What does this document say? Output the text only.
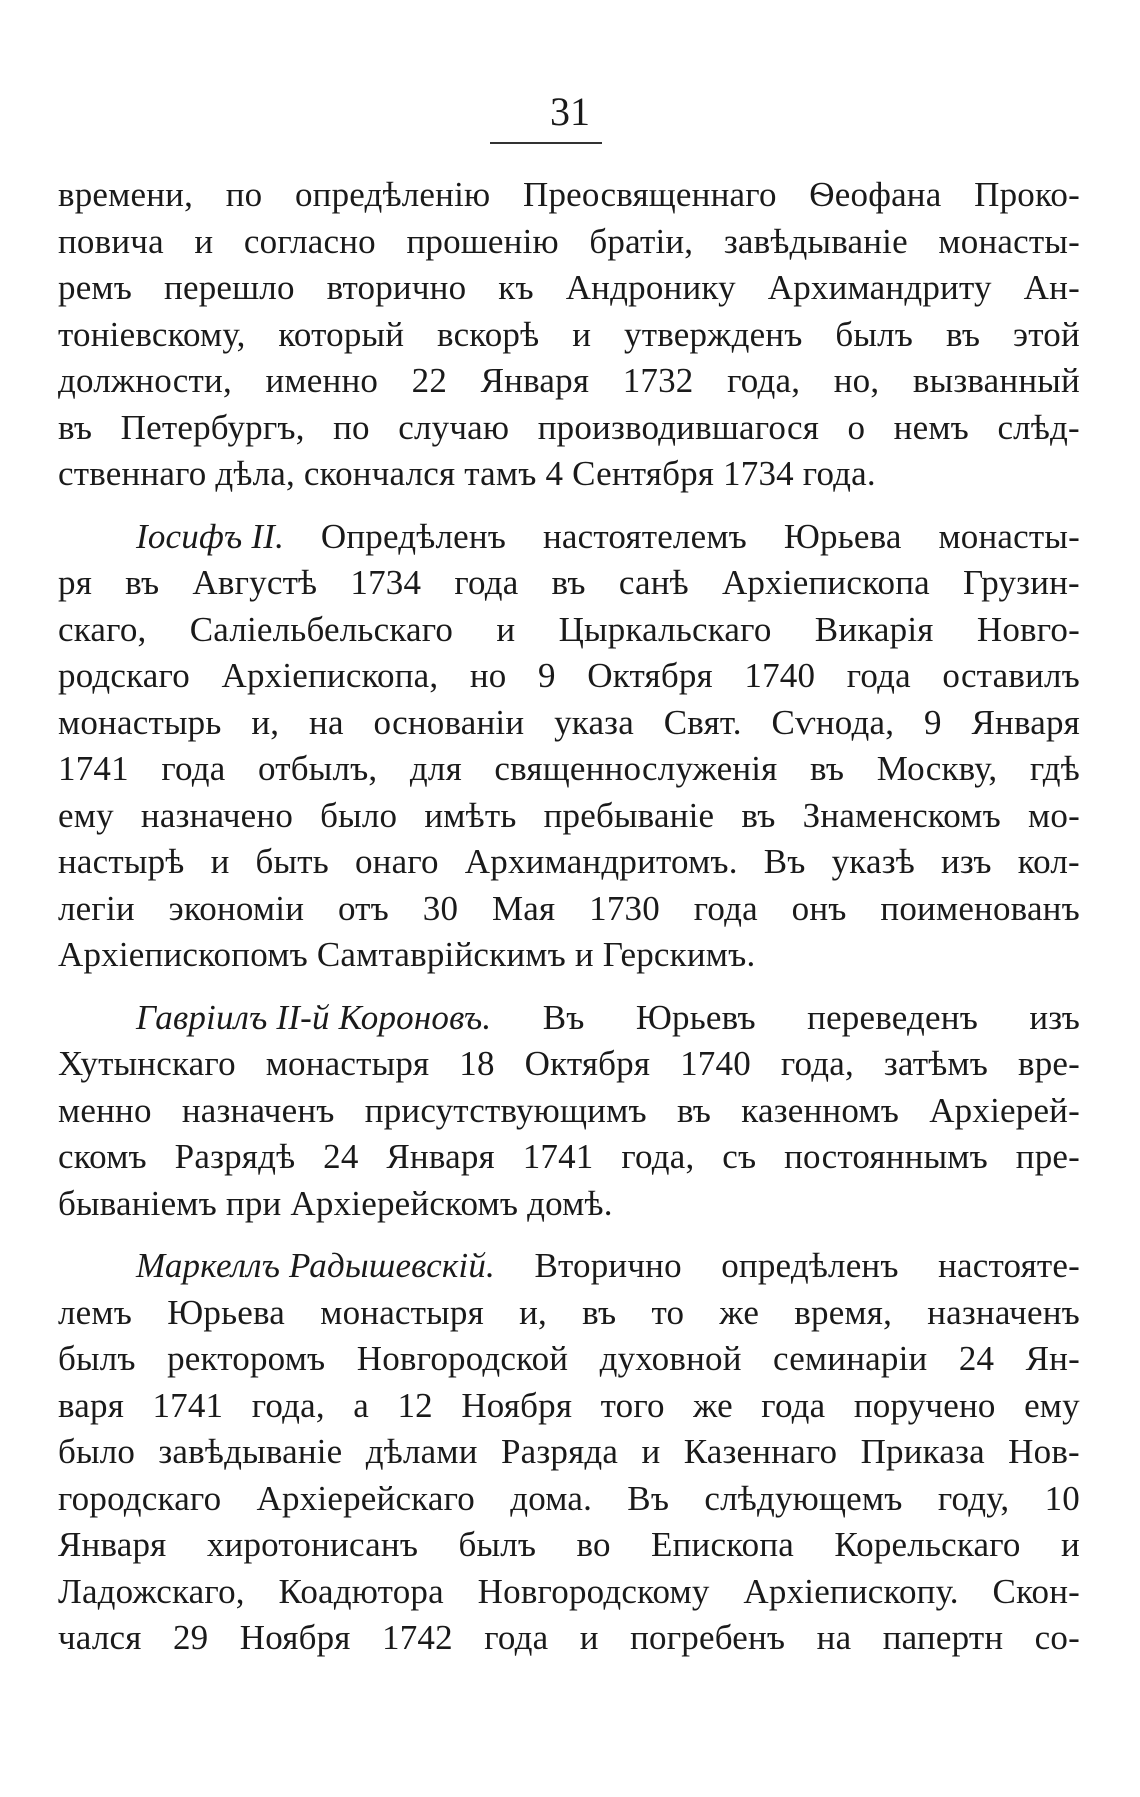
31
времени, по опредѣленію Преосвященнаго Ѳеофана Проко-
повича и согласно прошенію братіи, завѣдываніе монасты-
ремъ перешло вторично къ Андронику Архимандриту Ан-
тоніевскому, который вскорѣ и утвержденъ былъ въ этой
должности, именно 22 Января 1732 года, но, вызванный
въ Петербургъ, по случаю производившагося о немъ слѣд-
ственнаго дѣла, скончался тамъ 4 Сентября 1734 года.
Іосифъ II. Опредѣленъ настоятелемъ Юрьева монасты-
ря въ Августѣ 1734 года въ санѣ Архіепископа Грузин-
скаго, Саліельбельскаго и Цыркальскаго Викарія Новго-
родскаго Архіепископа, но 9 Октября 1740 года оставилъ
монастырь и, на основаніи указа Свят. Сѵнода, 9 Января
1741 года отбылъ, для священнослуженія въ Москву, гдѣ
ему назначено было имѣть пребываніе въ Знаменскомъ мо-
настырѣ и быть онаго Архимандритомъ. Въ указѣ изъ кол-
легіи экономіи отъ 30 Мая 1730 года онъ поименованъ
Архіепископомъ Самтаврійскимъ и Герскимъ.
Гавріилъ II-й Короновъ. Въ Юрьевъ переведенъ изъ
Хутынскаго монастыря 18 Октября 1740 года, затѣмъ вре-
менно назначенъ присутствующимъ въ казенномъ Архіерей-
скомъ Разрядѣ 24 Января 1741 года, съ постояннымъ пре-
бываніемъ при Архіерейскомъ домѣ.
Маркеллъ Радышевскій. Вторично опредѣленъ настояте-
лемъ Юрьева монастыря и, въ то же время, назначенъ
былъ ректоромъ Новгородской духовной семинаріи 24 Ян-
варя 1741 года, а 12 Ноября того же года поручено ему
было завѣдываніе дѣлами Разряда и Казеннаго Приказа Нов-
городскаго Архіерейскаго дома. Въ слѣдующемъ году, 10
Января хиротонисанъ былъ во Епископа Корельскаго и
Ладожскаго, Коадютора Новгородскому Архіепископу. Скон-
чался 29 Ноября 1742 года и погребенъ на папертн со-
